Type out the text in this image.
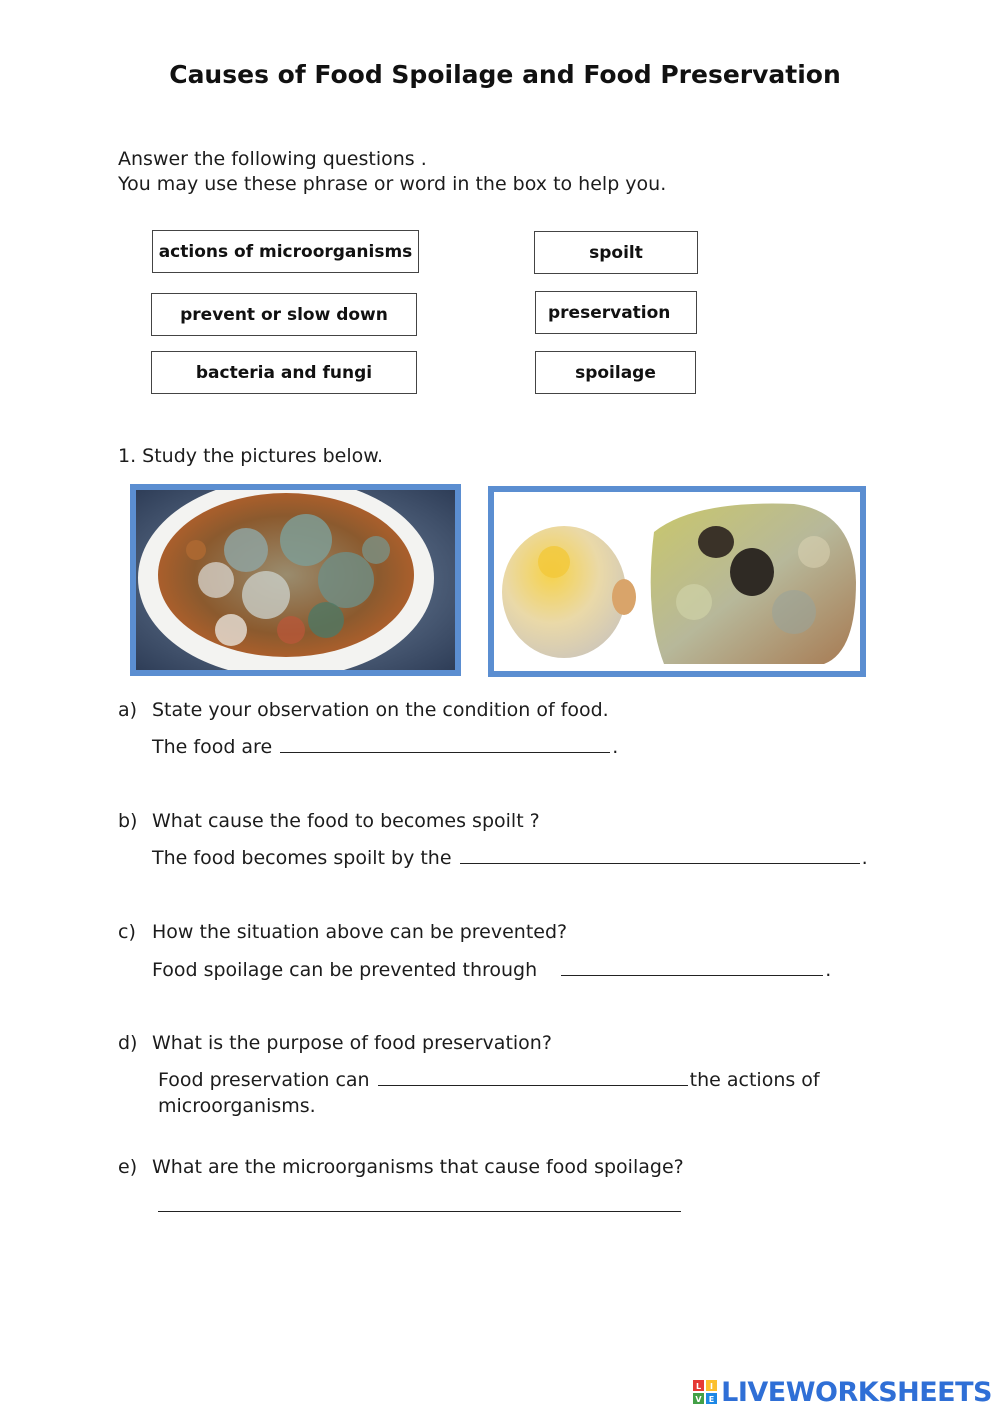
Causes of Food Spoilage and Food Preservation
Answer the following questions .
You may use these phrase or word in the box to help you.
actions of microorganisms
prevent or slow down
bacteria and fungi
spoilt
preservation
spoilage
1. Study the pictures below.
a) State your observation on the condition of food.
The food are	.
b) What cause the food to becomes spoilt ?
The food becomes spoilt by the	.
c) How the situation above can be prevented?
Food spoilage can be prevented through	.
d) What is the purpose of food preservation?
Food preservation can	the actions of
microorganisms.
e) What are the microorganisms that cause food spoilage?
L I
V E LIVEWORKSHEETS
